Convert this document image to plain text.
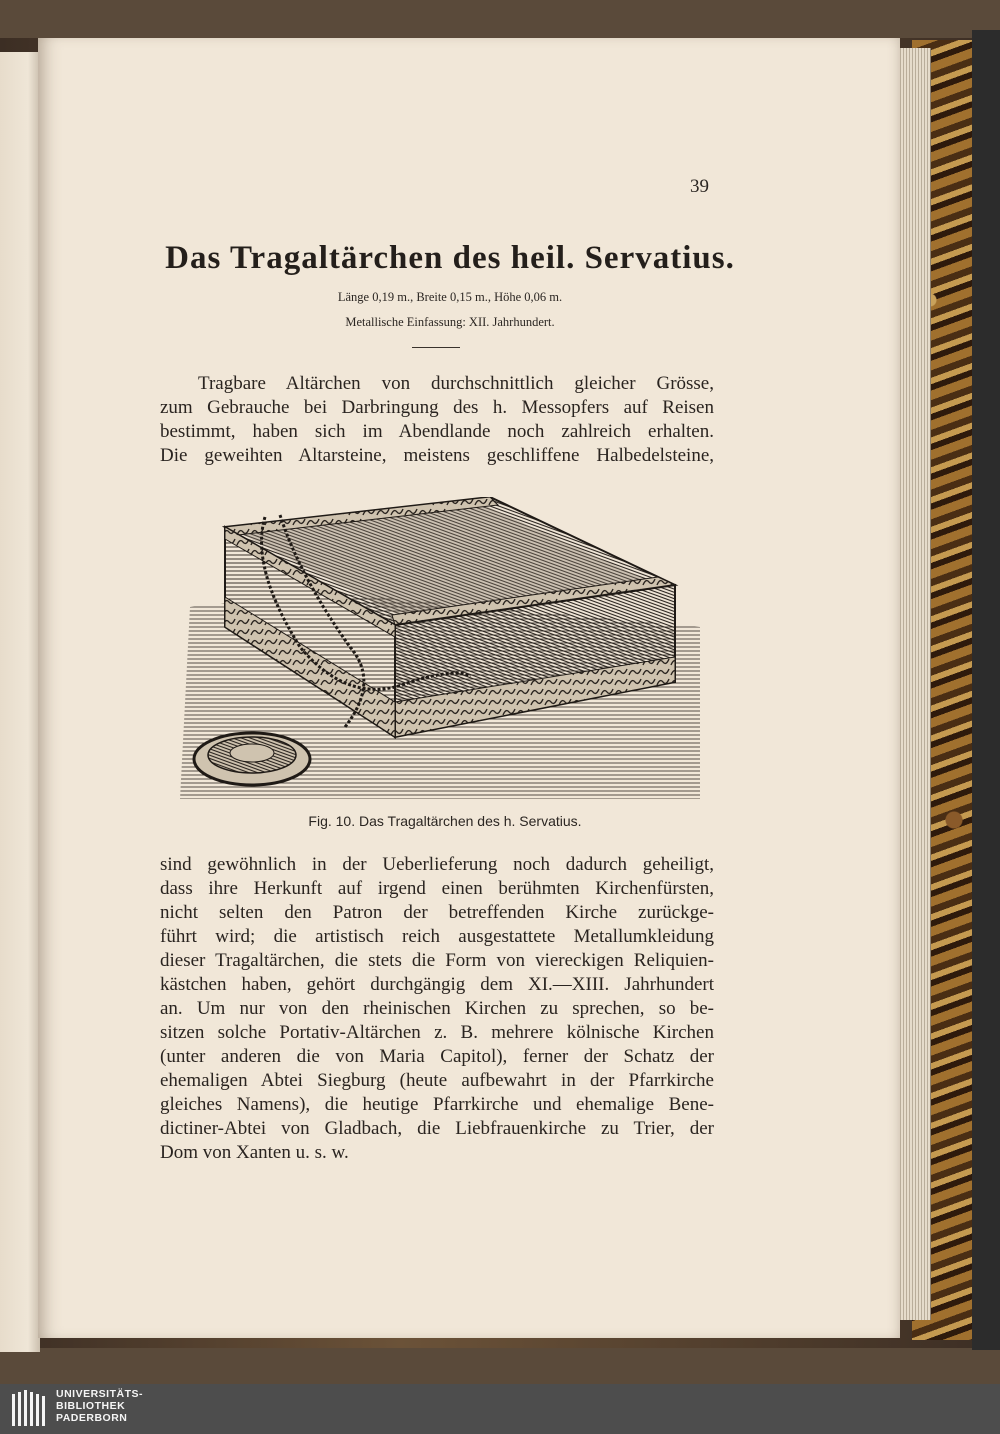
39
Das Tragaltärchen des heil. Servatius.
Länge 0,19 m., Breite 0,15 m., Höhe 0,06 m.
Metallische Einfassung: XII. Jahrhundert.
Tragbare Altärchen von durchschnittlich gleicher Grösse,
zum Gebrauche bei Darbringung des h. Messopfers auf Reisen
bestimmt, haben sich im Abendlande noch zahlreich erhalten.
Die geweihten Altarsteine, meistens geschliffene Halbedelsteine,
Fig. 10. Das Tragaltärchen des h. Servatius.
sind gewöhnlich in der Ueberlieferung noch dadurch geheiligt,
dass ihre Herkunft auf irgend einen berühmten Kirchenfürsten,
nicht selten den Patron der betreffenden Kirche zurückge-
führt wird; die artistisch reich ausgestattete Metallumkleidung
dieser Tragaltärchen, die stets die Form von viereckigen Reliquien-
kästchen haben, gehört durchgängig dem XI.—XIII. Jahrhundert
an. Um nur von den rheinischen Kirchen zu sprechen, so be-
sitzen solche Portativ-Altärchen z. B. mehrere kölnische Kirchen
(unter anderen die von Maria Capitol), ferner der Schatz der
ehemaligen Abtei Siegburg (heute aufbewahrt in der Pfarrkirche
gleiches Namens), die heutige Pfarrkirche und ehemalige Bene-
dictiner-Abtei von Gladbach, die Liebfrauenkirche zu Trier, der
Dom von Xanten u. s. w.
UNIVERSITÄTS-
BIBLIOTHEK
PADERBORN
